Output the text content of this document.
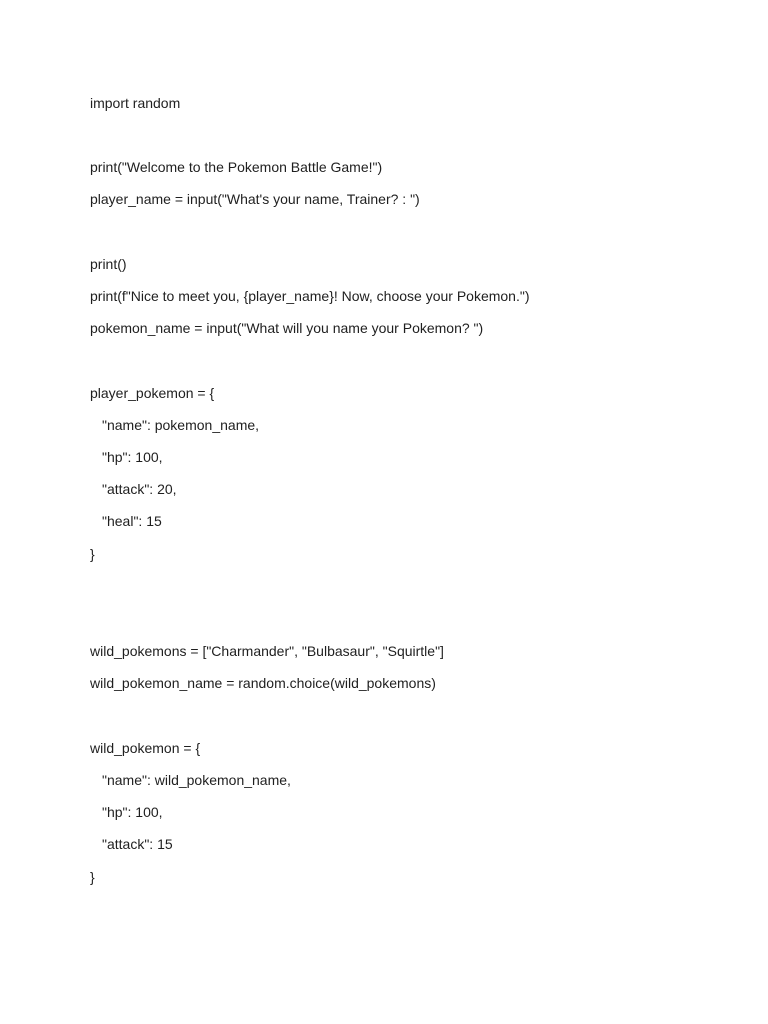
import random
print("Welcome to the Pokemon Battle Game!")
player_name = input("What's your name, Trainer? : ")
print()
print(f"Nice to meet you, {player_name}! Now, choose your Pokemon.")
pokemon_name = input("What will you name your Pokemon? ")
player_pokemon = {
"name": pokemon_name,
"hp": 100,
"attack": 20,
"heal": 15
}
wild_pokemons = ["Charmander", "Bulbasaur", "Squirtle"]
wild_pokemon_name = random.choice(wild_pokemons)
wild_pokemon = {
"name": wild_pokemon_name,
"hp": 100,
"attack": 15
}
